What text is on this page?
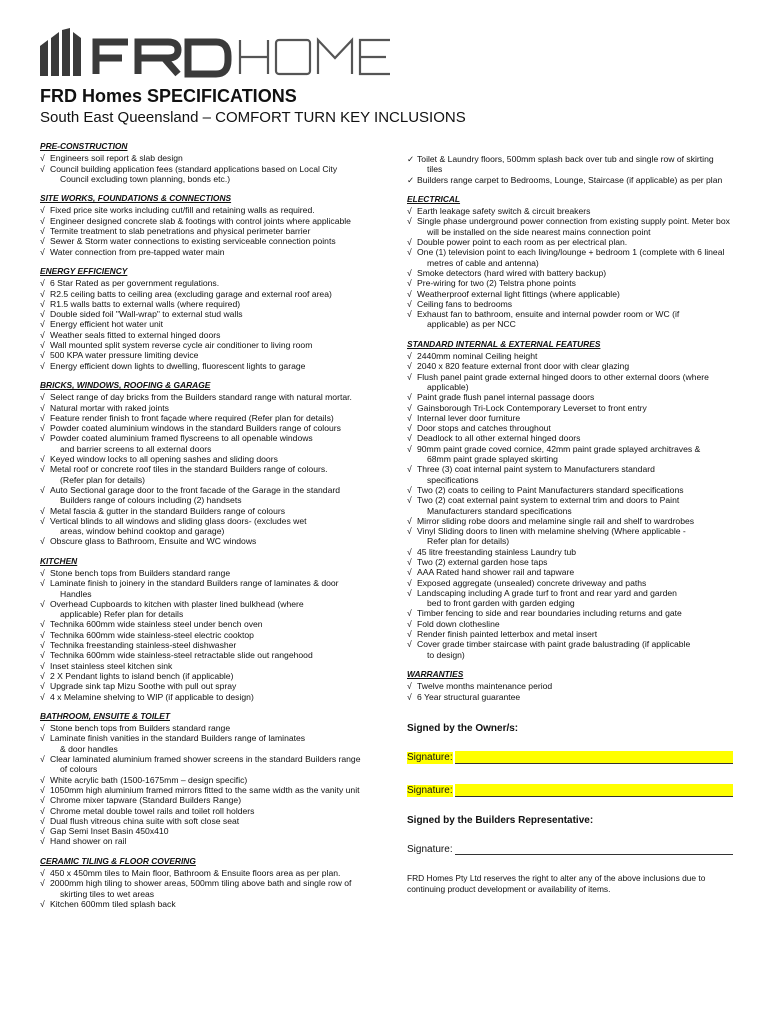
FRD Homes SPECIFICATIONS
South East Queensland – COMFORT TURN KEY INCLUSIONS

PRE-CONSTRUCTION

√ Engineers soil report & slab design
√ Council building application fees (standard applications based on Local City
Council excluding town planning, bonds etc.)

SITE WORKS, FOUNDATIONS & CONNECTIONS

√ Fixed price site works including cut/fill and retaining walls as required.
√ Engineer designed concrete slab & footings with control joints where applicable
√ Termite treatment to slab penetrations and physical perimeter barrier
√ Sewer & Storm water connections to existing serviceable connection points
√ Water connection from pre-tapped water main

ENERGY EFFICIENCY

√ 6 Star Rated as per government regulations.
√ R2.5 ceiling batts to ceiling area (excluding garage and external roof area)
√ R1.5 walls batts to external walls (where required)
√ Double sided foil "Wall-wrap" to external stud walls
√ Energy efficient hot water unit
√ Weather seals fitted to external hinged doors
√ Wall mounted split system reverse cycle air conditioner to living room
√ 500 KPA water pressure limiting device
√ Energy efficient down lights to dwelling, fluorescent lights to garage

BRICKS, WINDOWS, ROOFING & GARAGE

√ Select range of day bricks from the Builders standard range with natural mortar.
√ Natural mortar with raked joints
√ Feature render finish to front façade where required (Refer plan for details)
√ Powder coated aluminium windows in the standard Builders range of colours
√ Powder coated aluminium framed flyscreens to all openable windows
and barrier screens to all external doors
√ Keyed window locks to all opening sashes and sliding doors
√ Metal roof or concrete roof tiles in the standard Builders range of colours.
(Refer plan for details)
√ Auto Sectional garage door to the front facade of the Garage in the standard
Builders range of colours including (2) handsets
√ Metal fascia & gutter in the standard Builders range of colours
√ Vertical blinds to all windows and sliding glass doors- (excludes wet
areas, window behind cooktop and garage)
√ Obscure glass to Bathroom, Ensuite and WC windows

KITCHEN

√ Stone bench tops from Builders standard range
√ Laminate finish to joinery in the standard Builders range of laminates & door
Handles
√ Overhead Cupboards to kitchen with plaster lined bulkhead (where
applicable) Refer plan for details
√ Technika 600mm wide stainless steel under bench oven
√ Technika 600mm wide stainless-steel electric cooktop
√ Technika freestanding stainless-steel dishwasher
√ Technika 600mm wide stainless-steel retractable slide out rangehood
√ Inset stainless steel kitchen sink
√ 2 X Pendant lights to island bench (if applicable)
√ Upgrade sink tap Mizu Soothe with pull out spray
√ 4 x Melamine shelving to WIP (if applicable to design)

BATHROOM, ENSUITE & TOILET

√ Stone bench tops from Builders standard range
√ Laminate finish vanities in the standard Builders range of laminates
& door handles
√ Clear laminated aluminium framed shower screens in the standard Builders range
of colours
√ White acrylic bath (1500-1675mm – design specific)
√ 1050mm high aluminium framed mirrors fitted to the same width as the vanity unit
√ Chrome mixer tapware (Standard Builders Range)
√ Chrome metal double towel rails and toilet roll holders
√ Dual flush vitreous china suite with soft close seat
√ Gap Semi Inset Basin 450x410
√ Hand shower on rail

CERAMIC TILING & FLOOR COVERING

√ 450 x 450mm tiles to Main floor, Bathroom & Ensuite floors area as per plan.
√ 2000mm high tiling to shower areas, 500mm tiling above bath and single row of
skirting tiles to wet areas
√ Kitchen 600mm tiled splash back
✓ Toilet & Laundry floors, 500mm splash back over tub and single row of skirting
tiles
✓ Builders range carpet to Bedrooms, Lounge, Staircase (if applicable) as per plan

ELECTRICAL

√ Earth leakage safety switch & circuit breakers
√ Single phase underground power connection from existing supply point. Meter box
will be installed on the side nearest mains connection point
√ Double power point to each room as per electrical plan.
√ One (1) television point to each living/lounge + bedroom 1 (complete with 6 lineal
metres of cable and antenna)
√ Smoke detectors (hard wired with battery backup)
√ Pre-wiring for two (2) Telstra phone points
√ Weatherproof external light fittings (where applicable)
√ Ceiling fans to bedrooms
√ Exhaust fan to bathroom, ensuite and internal powder room or WC (if
applicable) as per NCC

STANDARD INTERNAL & EXTERNAL FEATURES

√ 2440mm nominal Ceiling height
√ 2040 x 820 feature external front door with clear glazing
√ Flush panel paint grade external hinged doors to other external doors (where
applicable)
√ Paint grade flush panel internal passage doors
√ Gainsborough Tri-Lock Contemporary Leverset to front entry
√ Internal lever door furniture
√ Door stops and catches throughout
√ Deadlock to all other external hinged doors
√ 90mm paint grade coved cornice, 42mm paint grade splayed architraves &
68mm paint grade splayed skirting
√ Three (3) coat internal paint system to Manufacturers standard
specifications
√ Two (2) coats to ceiling to Paint Manufacturers standard specifications
√ Two (2) coat external paint system to external trim and doors to Paint
Manufacturers standard specifications
√ Mirror sliding robe doors and melamine single rail and shelf to wardrobes
√ Vinyl Sliding doors to linen with melamine shelving (Where applicable -
Refer plan for details)
√ 45 litre freestanding stainless Laundry tub
√ Two (2) external garden hose taps
√ AAA Rated hand shower rail and tapware
√ Exposed aggregate (unsealed) concrete driveway and paths
√ Landscaping including A grade turf to front and rear yard and garden
bed to front garden with garden edging
√ Timber fencing to side and rear boundaries including returns and gate
√ Fold down clothesline
√ Render finish painted letterbox and metal insert
√ Cover grade timber staircase with paint grade balustrading (if applicable
to design)

WARRANTIES

√ Twelve months maintenance period
√ 6 Year structural guarantee

Signed by the Owner/s:

Signature:
Signature:

Signed by the Builders Representative:

Signature:

FRD Homes Pty Ltd reserves the right to alter any of the above inclusions due to continuing product development or availability of items.
